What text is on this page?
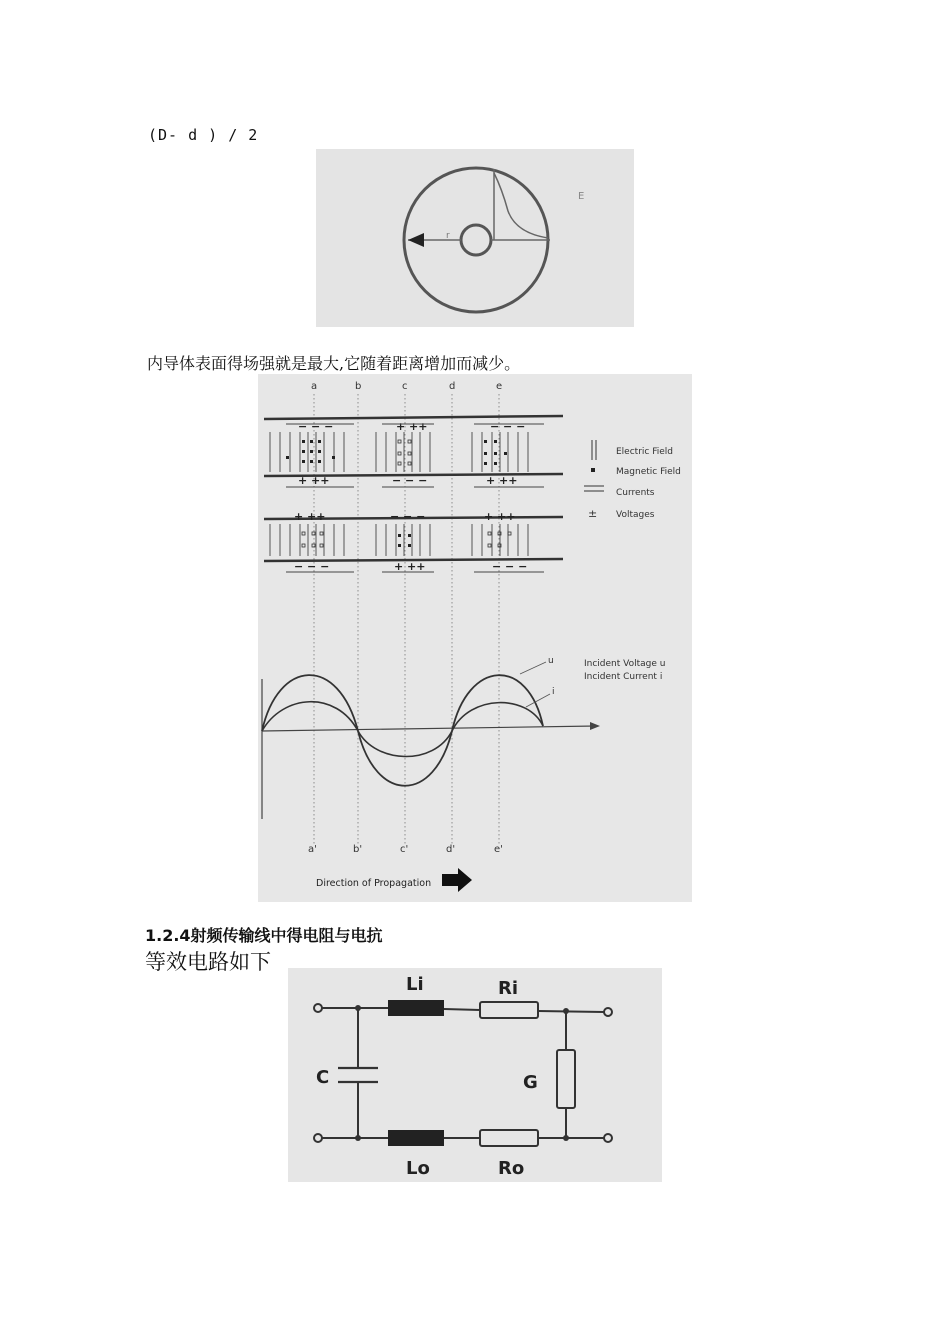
(D- d ) / 2
r
E
内导体表面得场强就是最大,它随着距离增加而减少。
a	b	c	d	e
− − −	+ ++	− − −
+ ++	− − −	+ ++
+ ++	− − −	+ ++
− − −	+ ++	− − −
±
Electric Field
Magnetic Field
Currents
Voltages
u
i
Incident Voltage u
Incident Current i
a'	b'	c'	d'	e'
Direction of Propagation
1.2.4射频传输线中得电阻与电抗
等效电路如下
Li	Ri
C	G
Lo	Ro
